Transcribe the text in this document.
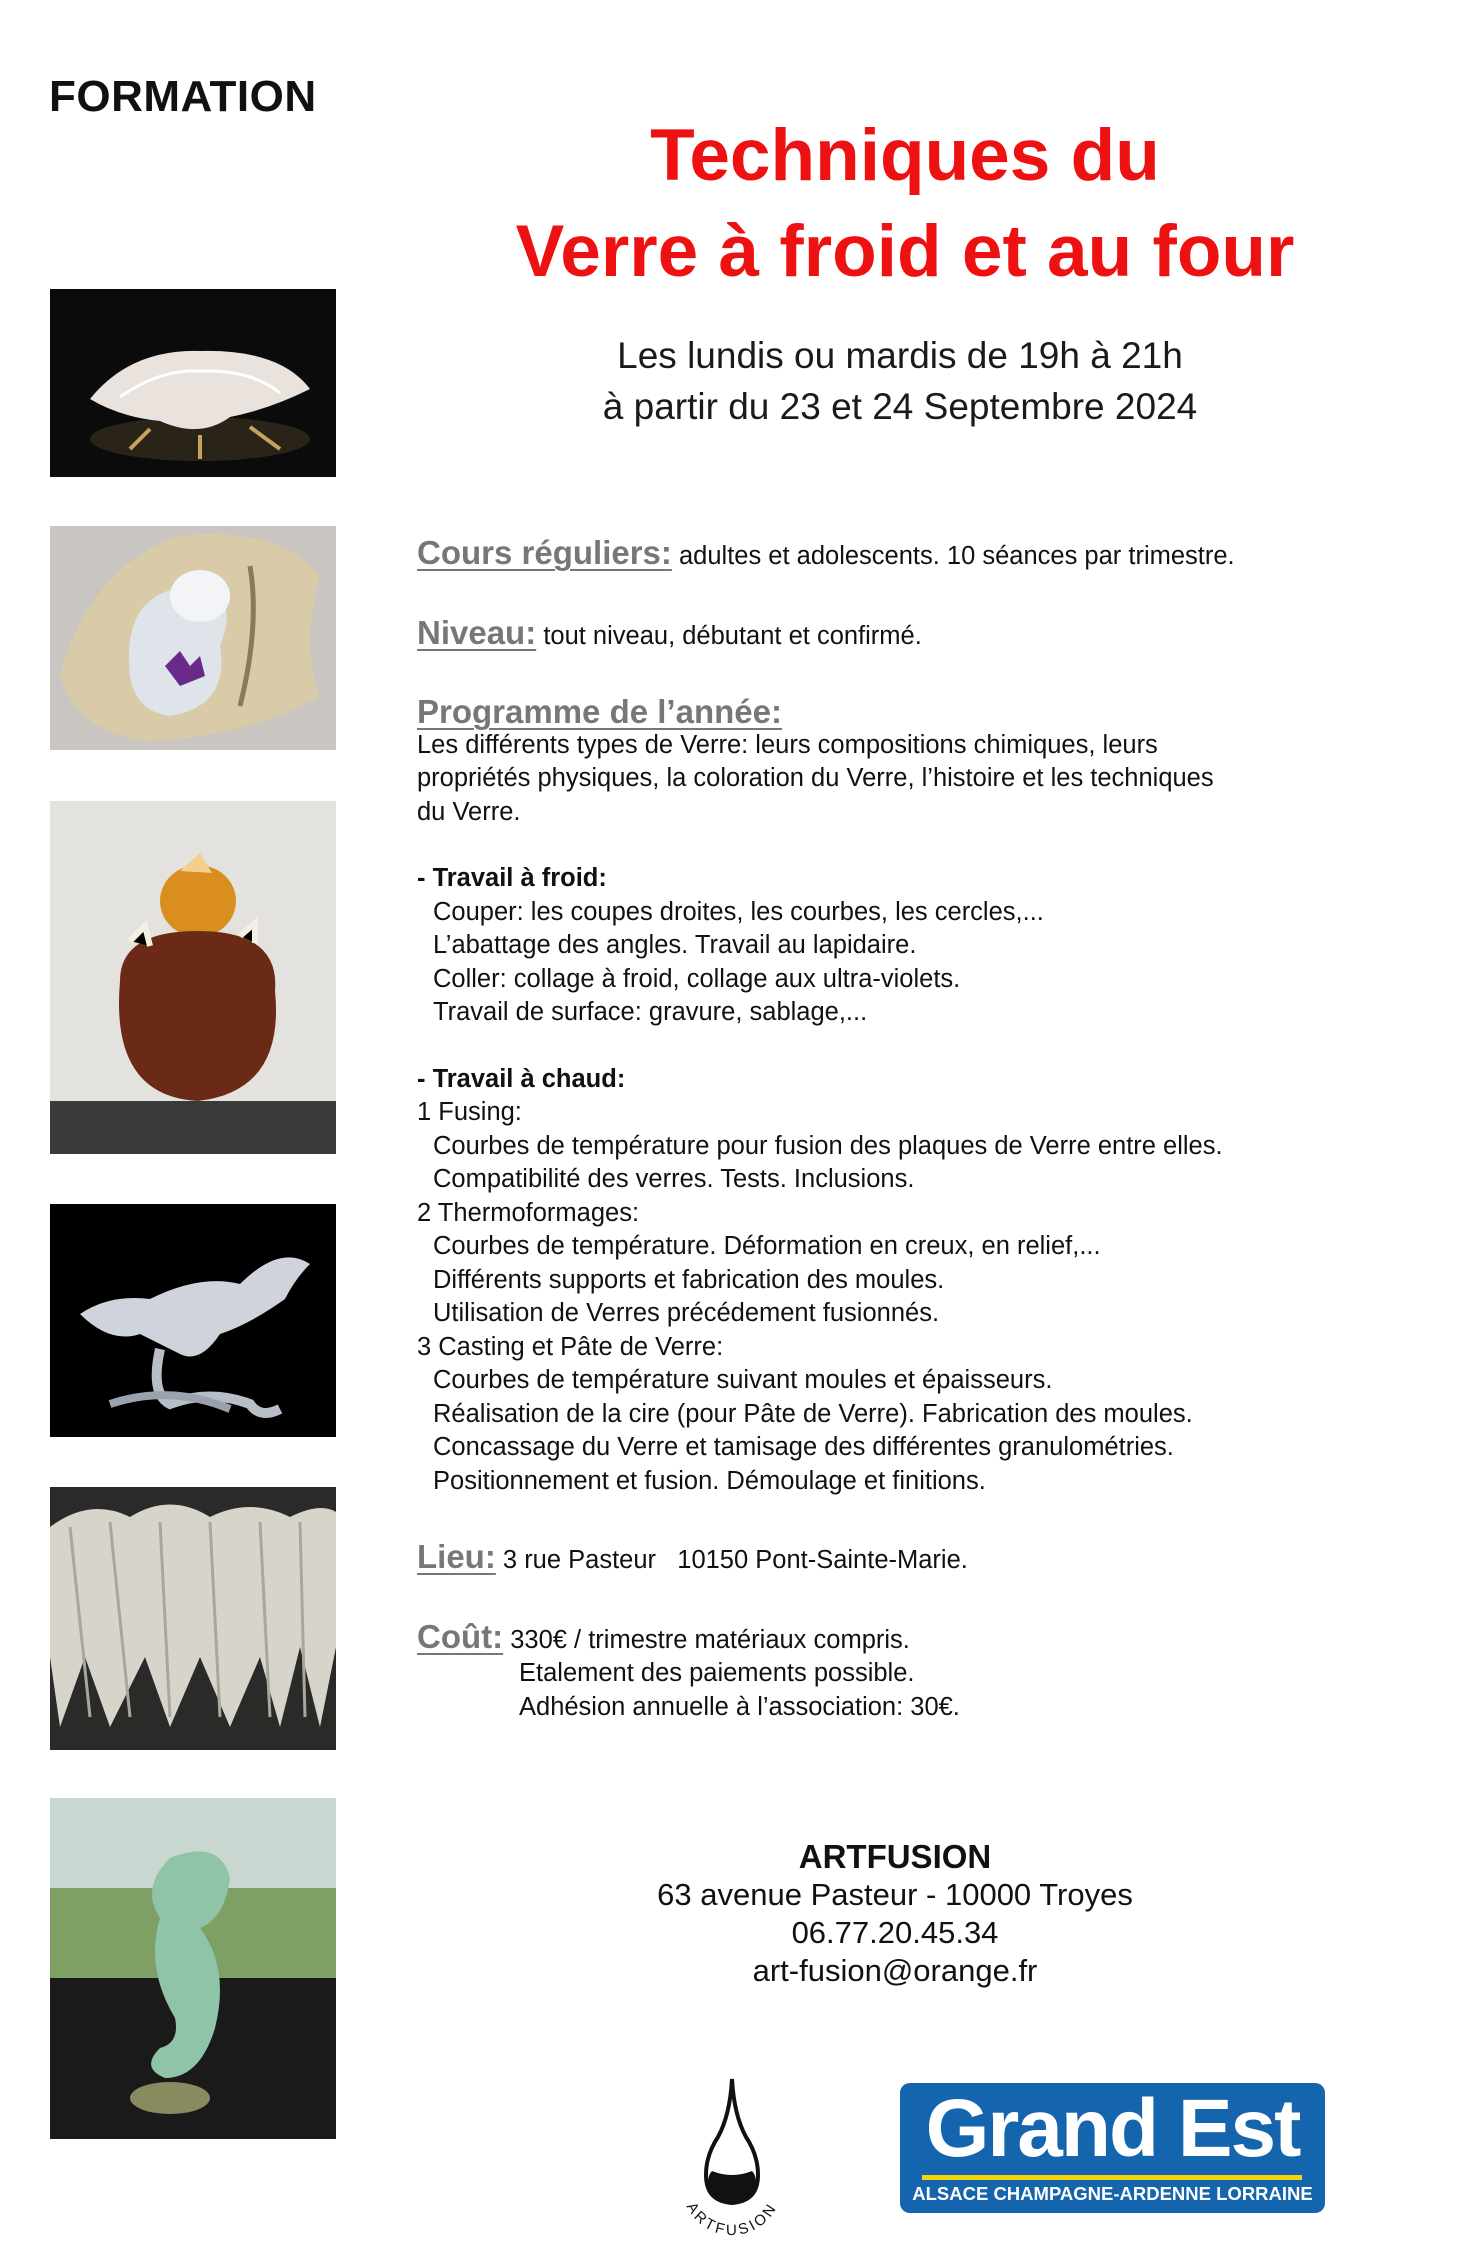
FORMATION
Techniques du
Verre à froid et au four
Les lundis ou mardis de 19h à 21h
à partir du 23 et 24 Septembre 2024
Cours réguliers: adultes et adolescents. 10 séances par trimestre.
Niveau: tout niveau, débutant et confirmé.
Programme de l’année:
Les différents types de Verre: leurs compositions chimiques, leurs
propriétés physiques, la coloration du Verre, l’histoire et les techniques
du Verre.
- Travail à froid:
Couper: les coupes droites, les courbes, les cercles,...
L’abattage des angles. Travail au lapidaire.
Coller: collage à froid, collage aux ultra-violets.
Travail de surface: gravure, sablage,...
- Travail à chaud:
1 Fusing:
Courbes de température pour fusion des plaques de Verre entre elles.
Compatibilité des verres. Tests. Inclusions.
2 Thermoformages:
Courbes de température. Déformation en creux, en relief,...
Différents supports et fabrication des moules.
Utilisation de Verres précédement fusionnés.
3 Casting et Pâte de Verre:
Courbes de température suivant moules et épaisseurs.
Réalisation de la cire (pour Pâte de Verre). Fabrication des moules.
Concassage du Verre et tamisage des différentes granulométries.
Positionnement et fusion. Démoulage et finitions.
Lieu: 3 rue Pasteur   10150 Pont-Sainte-Marie.
Coût: 330€ / trimestre matériaux compris.
Etalement des paiements possible.
Adhésion annuelle à l’association: 30€.
ARTFUSION
63 avenue Pasteur - 10000 Troyes
06.77.20.45.34
art-fusion@orange.fr
ARTFUSION
Grand Est
ALSACE CHAMPAGNE-ARDENNE LORRAINE
